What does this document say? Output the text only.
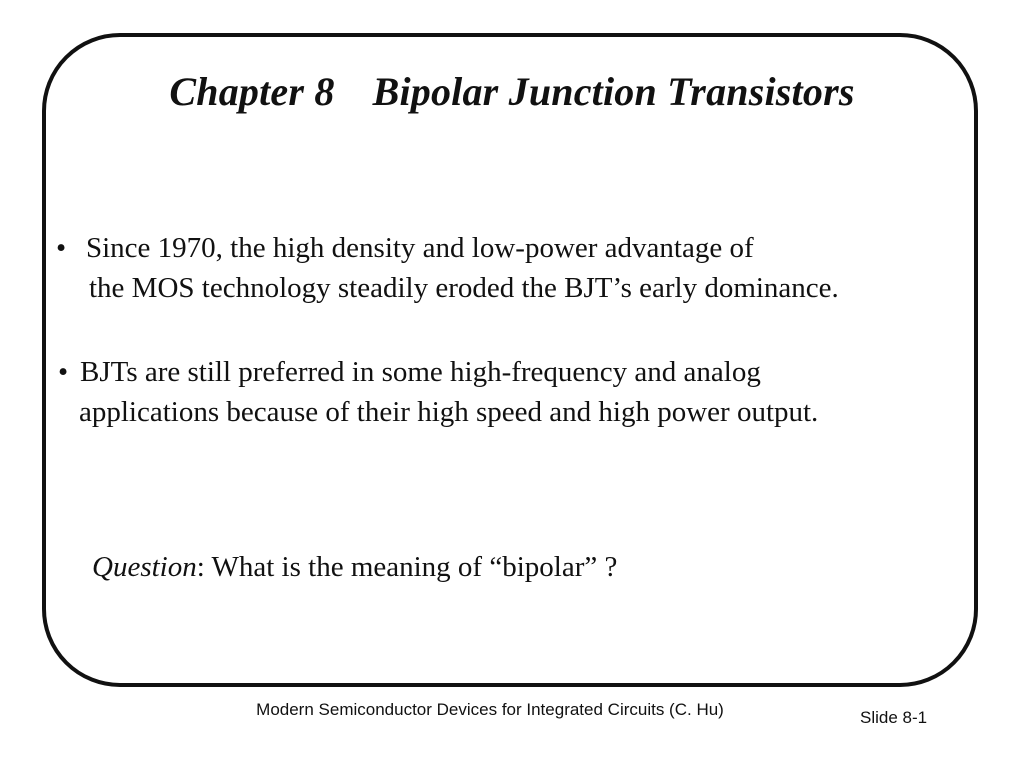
Chapter 8 Bipolar Junction Transistors
• Since 1970, the high density and low-power advantage of
the MOS technology steadily eroded the BJT’s early dominance.
• BJTs are still preferred in some high-frequency and analog
applications because of their high speed and high power output.
Question: What is the meaning of “bipolar” ?
Modern Semiconductor Devices for Integrated Circuits (C. Hu)	Slide 8-1
